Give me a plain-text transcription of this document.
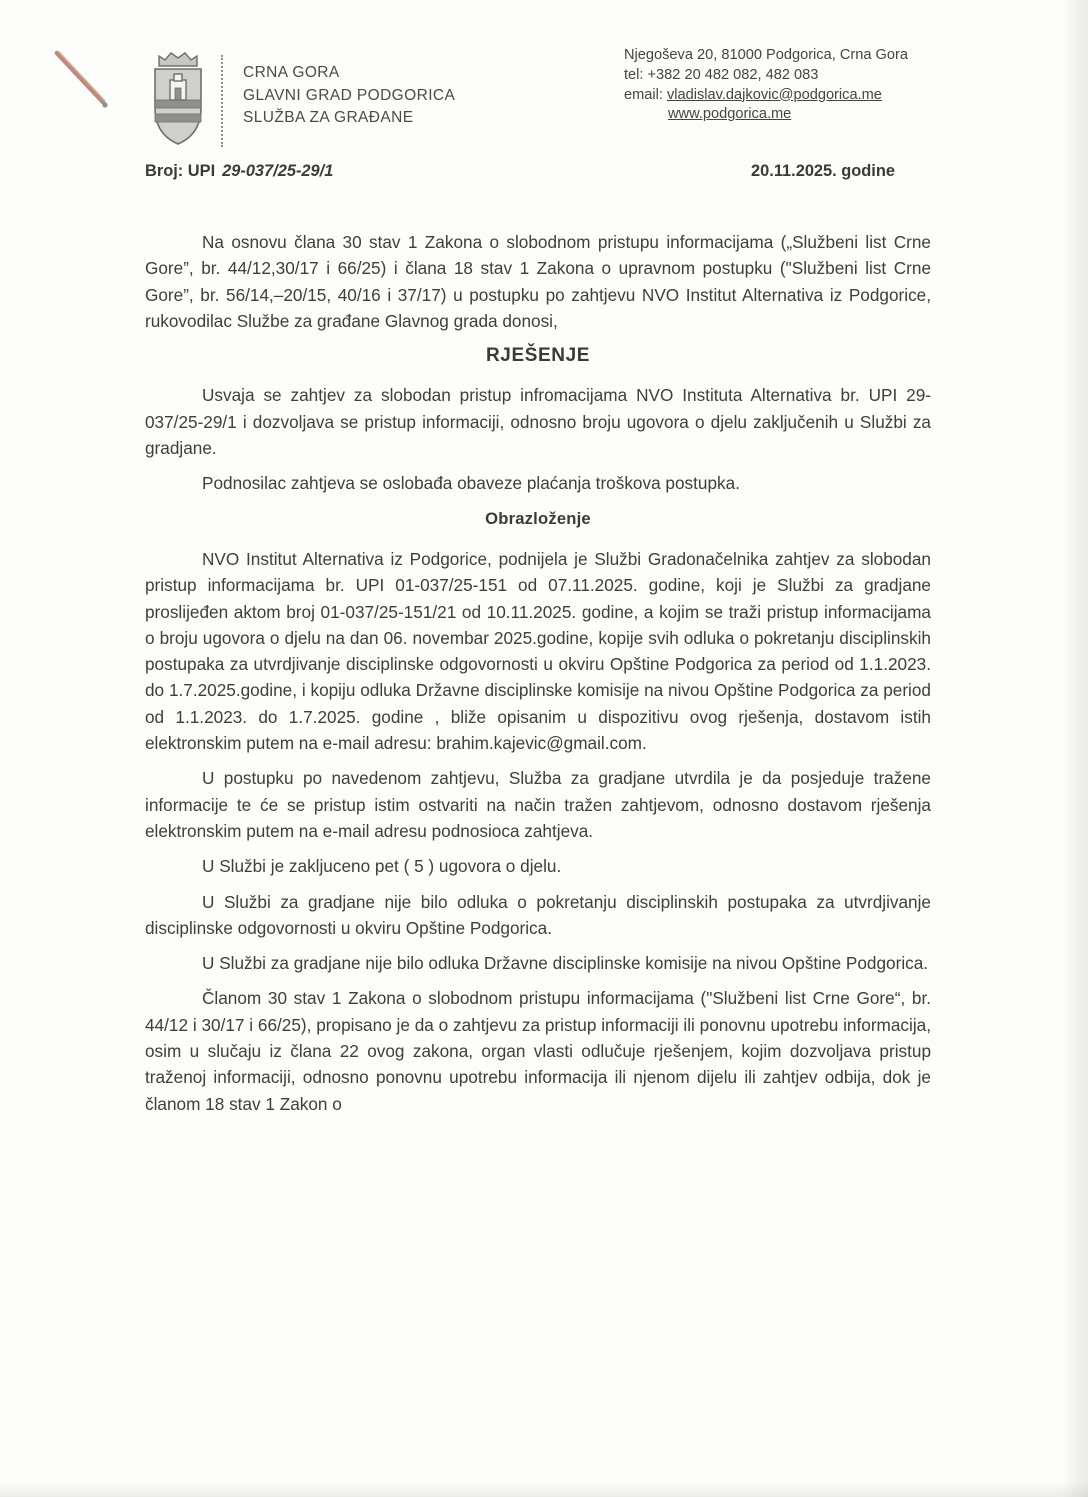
CRNA GORA
GLAVNI GRAD PODGORICA
SLUŽBA ZA GRAĐANE
Njegoševa 20, 81000 Podgorica, Crna Gora
tel: +382 20 482 082, 482 083
email: vladislav.dajkovic@podgorica.me
www.podgorica.me
Broj: UPI 29-037/25-29/1	20.11.2025. godine

Na osnovu člana 30 stav 1 Zakona o slobodnom pristupu informacijama („Službeni list Crne Gore”, br. 44/12,30/17 i 66/25) i člana 18 stav 1 Zakona o upravnom postupku ("Službeni list Crne Gore”, br. 56/14,–20/15, 40/16 i 37/17) u postupku po zahtjevu NVO Institut Alternativa iz Podgorice, rukovodilac Službe za građane Glavnog grada donosi,

RJEŠENJE

Usvaja se zahtjev za slobodan pristup infromacijama NVO Instituta Alternativa br. UPI 29-037/25-29/1 i dozvoljava se pristup informaciji, odnosno broju ugovora o djelu zaključenih u Službi za gradjane.

Podnosilac zahtjeva se oslobađa obaveze plaćanja troškova postupka.

Obrazloženje

NVO Institut Alternativa iz Podgorice, podnijela je Službi Gradonačelnika zahtjev za slobodan pristup informacijama br. UPI 01-037/25-151 od 07.11.2025. godine, koji je Službi za gradjane proslijeđen aktom broj 01-037/25-151/21 od 10.11.2025. godine, a kojim se traži pristup informacijama o broju ugovora o djelu na dan 06. novembar 2025.godine, kopije svih odluka o pokretanju disciplinskih postupaka za utvrdjivanje disciplinske odgovornosti u okviru Opštine Podgorica za period od 1.1.2023. do 1.7.2025.godine, i kopiju odluka Državne disciplinske komisije na nivou Opštine Podgorica za period od 1.1.2023. do 1.7.2025. godine , bliže opisanim u dispozitivu ovog rješenja, dostavom istih elektronskim putem na e-mail adresu: brahim.kajevic@gmail.com.

U postupku po navedenom zahtjevu, Služba za gradjane utvrdila je da posjeduje tražene informacije te će se pristup istim ostvariti na način tražen zahtjevom, odnosno dostavom rješenja elektronskim putem na e-mail adresu podnosioca zahtjeva.

U Službi je zakljuceno pet ( 5 ) ugovora o djelu.

U Službi za gradjane nije bilo odluka o pokretanju disciplinskih postupaka za utvrdjivanje disciplinske odgovornosti u okviru Opštine Podgorica.

U Službi za gradjane nije bilo odluka Državne disciplinske komisije na nivou Opštine Podgorica.

Članom 30 stav 1 Zakona o slobodnom pristupu informacijama ("Službeni list Crne Gore“, br. 44/12 i 30/17 i 66/25), propisano je da o zahtjevu za pristup informaciji ili ponovnu upotrebu informacija, osim u slučaju iz člana 22 ovog zakona, organ vlasti odlučuje rješenjem, kojim dozvoljava pristup traženoj informaciji, odnosno ponovnu upotrebu informacija ili njenom dijelu ili zahtjev odbija, dok je članom 18 stav 1 Zakon o
